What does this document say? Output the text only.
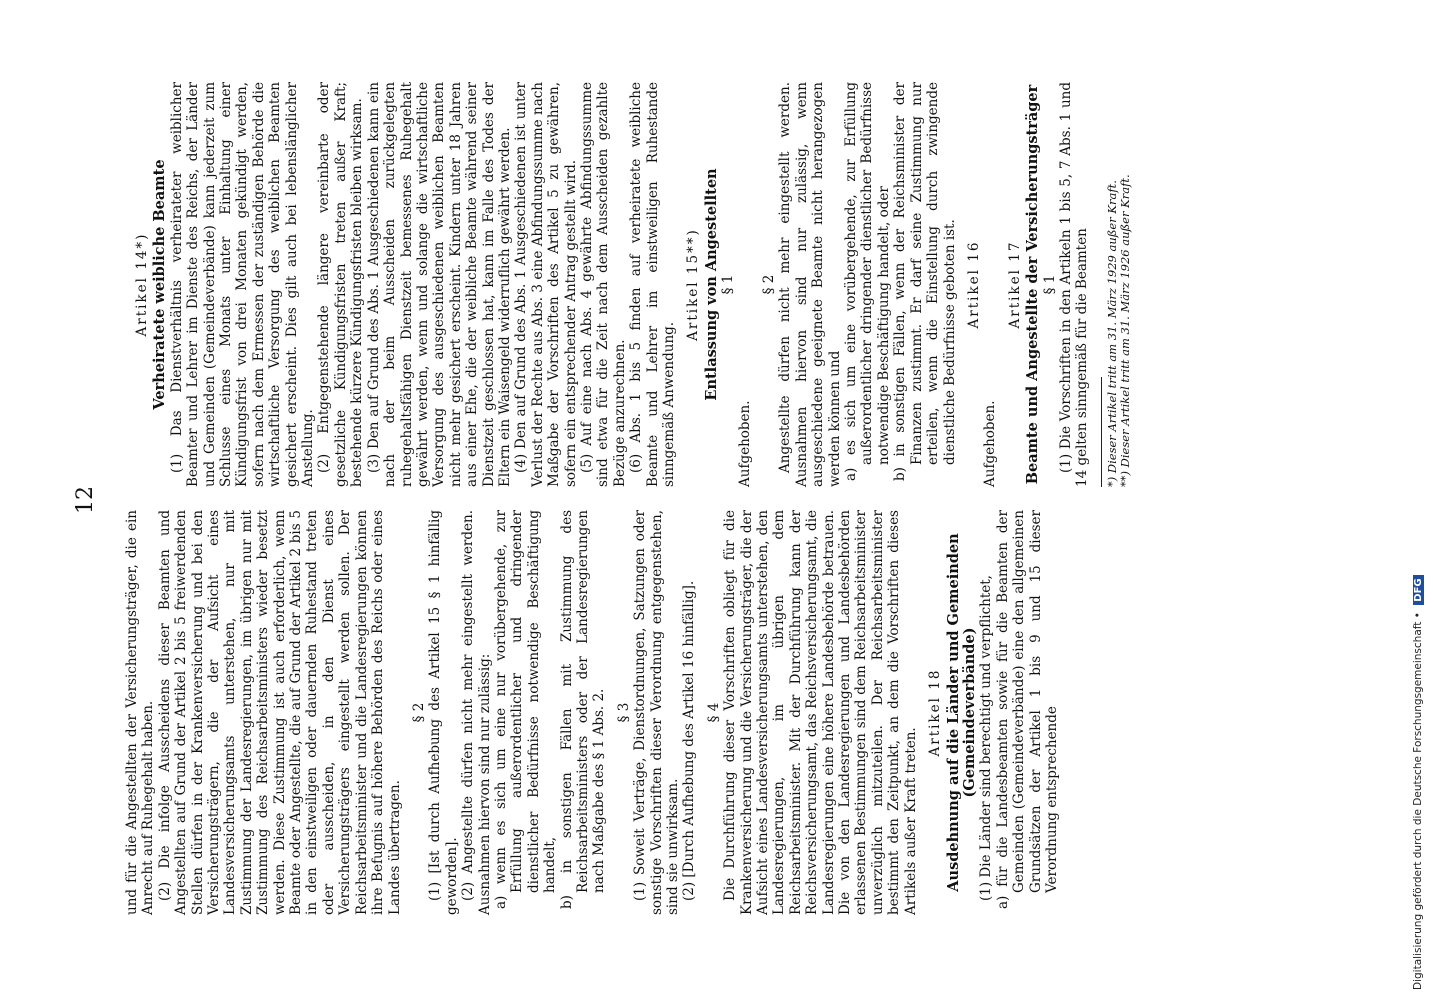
12

Artikel 14*) Verheiratete weibliche Beamte (1) Das Dienstverhältnis verheirateter weiblicher Beamter und Lehrer im Dienste des Reichs, der Länder und Gemeinden (Gemeindeverbände) kann jederzeit zum Schlusse eines Monats unter Einhaltung einer Kündigungsfrist von drei Monaten gekündigt werden, sofern nach dem Ermessen der zuständigen Behörde die wirtschaftliche Versorgung des weiblichen Beamten gesichert erscheint. Dies gilt auch bei lebenslänglicher Anstellung. (2) Entgegenstehende längere vereinbarte oder gesetzliche Kündigungsfristen treten außer Kraft; bestehende kürzere Kündigungsfristen bleiben wirksam. (3) Den auf Grund des Abs. 1 Ausgeschiedenen kann ein nach der beim Ausscheiden zurückgelegten ruhegehaltsfähigen Dienstzeit bemessenes Ruhegehalt gewährt werden, wenn und solange die wirtschaftliche Versorgung des ausgeschiedenen weiblichen Beamten nicht mehr gesichert erscheint. Kindern unter 18 Jahren aus einer Ehe, die der weibliche Beamte während seiner Dienstzeit geschlossen hat, kann im Falle des Todes der Eltern ein Waisengeld widerruflich gewährt werden. (4) Den auf Grund des Abs. 1 Ausgeschiedenen ist unter Verlust der Rechte aus Abs. 3 eine Abfindungssumme nach Maßgabe der Vorschriften des Artikel 5 zu gewähren, sofern ein entsprechender Antrag gestellt wird. (5) Auf eine nach Abs. 4 gewährte Abfindungssumme sind etwa für die Zeit nach dem Ausscheiden gezahlte Bezüge anzurechnen. (6) Abs. 1 bis 5 finden auf verheiratete weibliche Beamte und Lehrer im einstweiligen Ruhestande sinngemäß Anwendung.

Artikel 15**) Entlassung von Angestellten § 1

Aufgehoben.

§ 2 Angestellte dürfen nicht mehr eingestellt werden. Ausnahmen hiervon sind nur zulässig, wenn ausgeschiedene geeignete Beamte nicht herangezogen werden können und a) es sich um eine vorübergehende, zur Erfüllung außerordentlicher dringender dienstlicher Bedürfnisse notwendige Beschäftigung handelt, oder b) in sonstigen Fällen, wenn der Reichsminister der Finanzen zustimmt. Er darf seine Zustimmung nur erteilen, wenn die Einstellung durch zwingende dienstliche Bedürfnisse geboten ist. Artikel 16

Aufgehoben.

Artikel 17 Beamte und Angestellte der Versicherungsträger § 1 (1) Die Vorschriften in den Artikeln 1 bis 5, 7 Abs. 1 und 14 gelten sinngemäß für die Beamten *) Dieser Artikel tritt am 31. März 1929 außer Kraft. **) Dieser Artikel tritt am 31. März 1926 außer Kraft.

und für die Angestellten der Versicherungsträger, die ein Anrecht auf Ruhegehalt haben. (2) Die infolge Ausscheidens dieser Beamten und Angestellten auf Grund der Artikel 2 bis 5 freiwerdenden Stellen dürfen in der Krankenversicherung und bei den Versicherungsträgern, die der Aufsicht eines Landesversicherungsamts unterstehen, nur mit Zustimmung der Landesregierungen, im übrigen nur mit Zustimmung des Reichsarbeitsministers wieder besetzt werden. Diese Zustimmung ist auch erforderlich, wenn Beamte oder Angestellte, die auf Grund der Artikel 2 bis 5 in den einstweiligen oder dauernden Ruhestand treten oder ausscheiden, in den Dienst eines Versicherungsträgers eingestellt werden sollen. Der Reichsarbeitsminister und die Landesregierungen können ihre Befugnis auf höhere Behörden des Reichs oder eines Landes übertragen.

§ 2 (1) [Ist durch Aufhebung des Artikel 15 § 1 hinfällig geworden]. (2) Angestellte dürfen nicht mehr eingestellt werden. Ausnahmen hiervon sind nur zulässig: a) wenn es sich um eine nur vorübergehende, zur Erfüllung außerordentlicher und dringender dienstlicher Bedürfnisse notwendige Beschäftigung handelt, b) in sonstigen Fällen mit Zustimmung des Reichsarbeitsministers oder der Landesregierungen nach Maßgabe des § 1 Abs. 2. § 3 (1) Soweit Verträge, Dienstordnungen, Satzungen oder sonstige Vorschriften dieser Verordnung entgegenstehen, sind sie unwirksam. (2) [Durch Aufhebung des Artikel 16 hinfällig]. § 4 Die Durchführung dieser Vorschriften obliegt für die Krankenversicherung und die Versicherungsträger, die der Aufsicht eines Landesversicherungsamts unterstehen, den Landesregierungen, im übrigen dem Reichsarbeitsminister. Mit der Durchführung kann der Reichsversicherungsamt, das Reichsversicherungsamt, die Landesregierungen eine höhere Landesbehörde betrauen. Die von den Landesregierungen und Landesbehörden erlassenen Bestimmungen sind dem Reichsarbeitsminister unverzüglich mitzuteilen. Der Reichsarbeitsminister bestimmt den Zeitpunkt, an dem die Vorschriften dieses Artikels außer Kraft treten.

Artikel 18 Ausdehnung auf die Länder und Gemeinden (Gemeindeverbände) (1) Die Länder sind berechtigt und verpflichtet, a) für die Landesbeamten sowie für die Beamten der Gemeinden (Gemeindeverbände) eine den allgemeinen Grundsätzen der Artikel 1 bis 9 und 15 dieser Verordnung entsprechende	Digitalisierung gefördert durch die Deutsche Forschungsgemeinschaft • DFG
